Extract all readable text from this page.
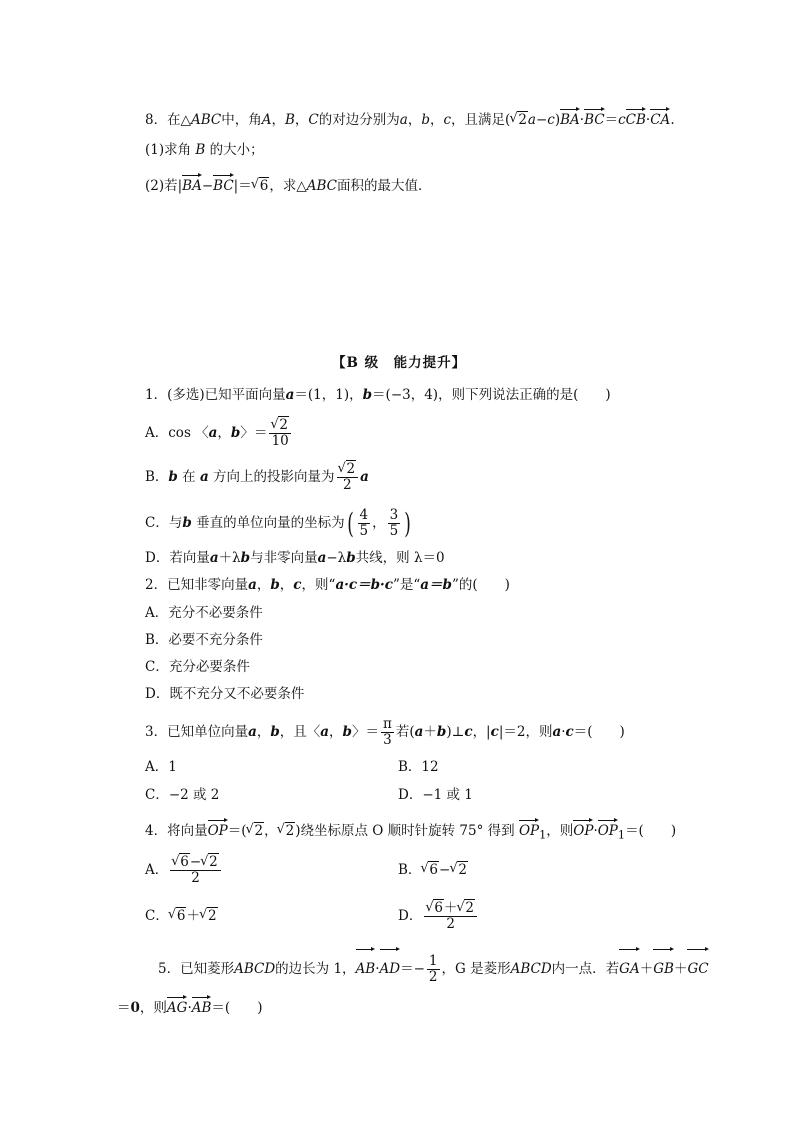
8．在△ABC中，角A，B，C的对边分别为a，b，c，且满足( √ 2a−c)BA·BC＝cCB·CA.
(1)求角 B 的大小；
(2)若|BA−BC|＝ √ 6，求△ABC面积的最大值．
【B 级　能力提升】
1．(多选)已知平面向量a＝(1，1)，b＝(−3，4)，则下列说法正确的是(　　)
A．cos 〈a，b〉＝ √ $\frac{2}{10}$
B．b 在 a 方向上的投影向量为 √ $\frac{2}{2}$ a
C．与b 垂直的单位向量的坐标为( $\frac{4}{5}$ ， $\frac{3}{5}$ )
D．若向量a＋λb与非零向量a−λb共线，则 λ＝0
2．已知非零向量a，b，c，则“a·c＝b·c”是“a＝b”的(　　)
A．充分不必要条件
B．必要不充分条件
C．充分必要条件
D．既不充分又不必要条件
3．已知单位向量a，b，且〈a，b〉＝ $\frac{\pi}{3}$ 若(a＋b)⊥c，|c|＝2，则a·c＝(　　)
A．1	B．12
C．−2 或 2	D．−1 或 1
4．将向量OP＝( √ 2， √ 2)绕坐标原点 O 顺时针旋转 75° 得到 $OP_1$，则$OP\cdot OP_1=$(　　)
A． √ $\frac{6- √ 2}{2}$	B． √ 6− √ 2
C． √ 6＋ √ 2	D． √ $\frac{6+ √ 2}{2}$
5．已知菱形ABCD的边长为 1，$AB\cdot AD=- \frac{1}{2}$ ，G 是菱形ABCD内一点．若GA＋GB＋GC
＝0，则AG·AB＝(　　)
